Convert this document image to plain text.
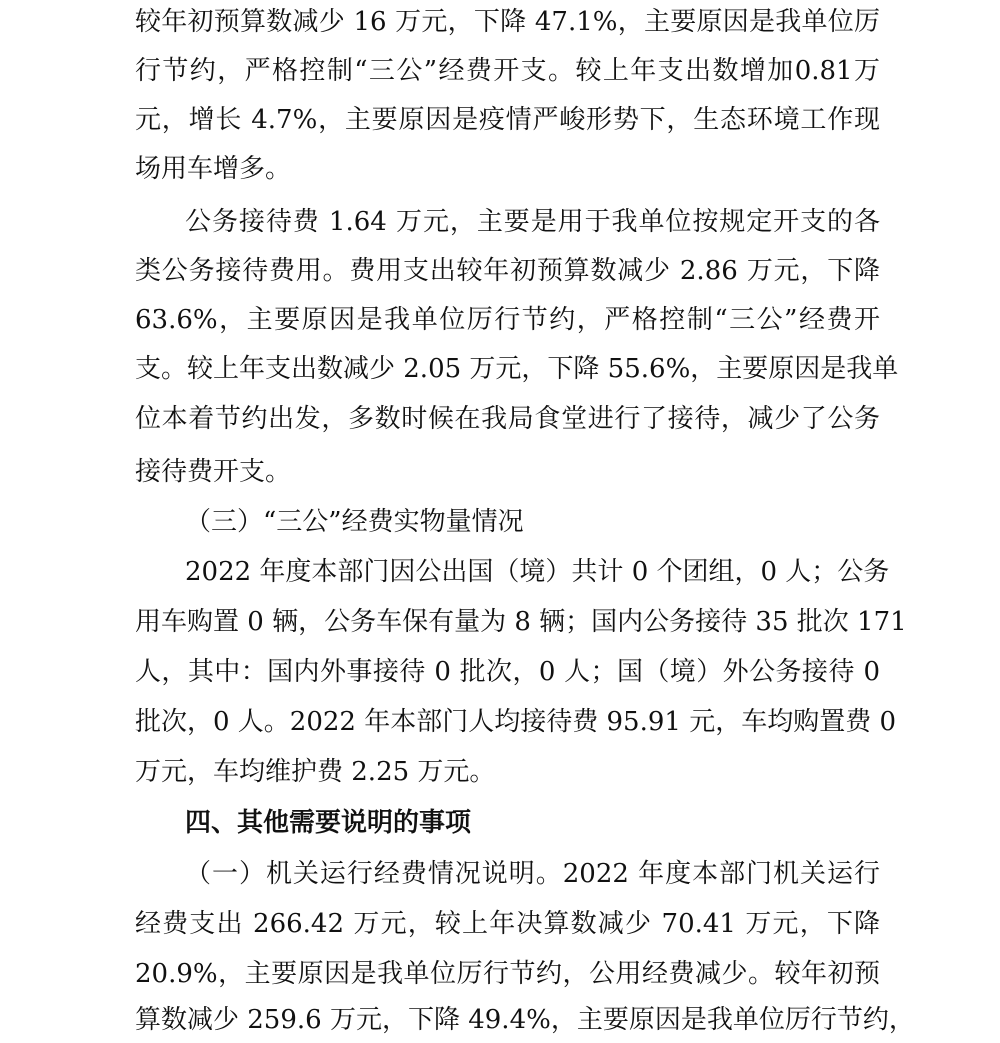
较年初预算数减少 16 万元，下降 47.1%，主要原因是我单位厉
行节约，严格控制“三公”经费开支。较上年支出数增加0.81万
元，增长 4.7%，主要原因是疫情严峻形势下，生态环境工作现
场用车增多。
公务接待费 1.64 万元，主要是用于我单位按规定开支的各
类公务接待费用。费用支出较年初预算数减少 2.86 万元，下降
63.6%，主要原因是我单位厉行节约，严格控制“三公”经费开
支。较上年支出数减少 2.05 万元，下降 55.6%，主要原因是我单
位本着节约出发，多数时候在我局食堂进行了接待，减少了公务
接待费开支。
（三）“三公”经费实物量情况
2022 年度本部门因公出国（境）共计 0 个团组，0 人；公务
用车购置 0 辆，公务车保有量为 8 辆；国内公务接待 35 批次 171
人，其中：国内外事接待 0 批次，0 人；国（境）外公务接待 0
批次，0 人。2022 年本部门人均接待费 95.91 元，车均购置费 0
万元，车均维护费 2.25 万元。
四、其他需要说明的事项
（一）机关运行经费情况说明。2022 年度本部门机关运行
经费支出 266.42 万元，较上年决算数减少 70.41 万元，下降
20.9%，主要原因是我单位厉行节约，公用经费减少。较年初预
算数减少 259.6 万元，下降 49.4%，主要原因是我单位厉行节约，
